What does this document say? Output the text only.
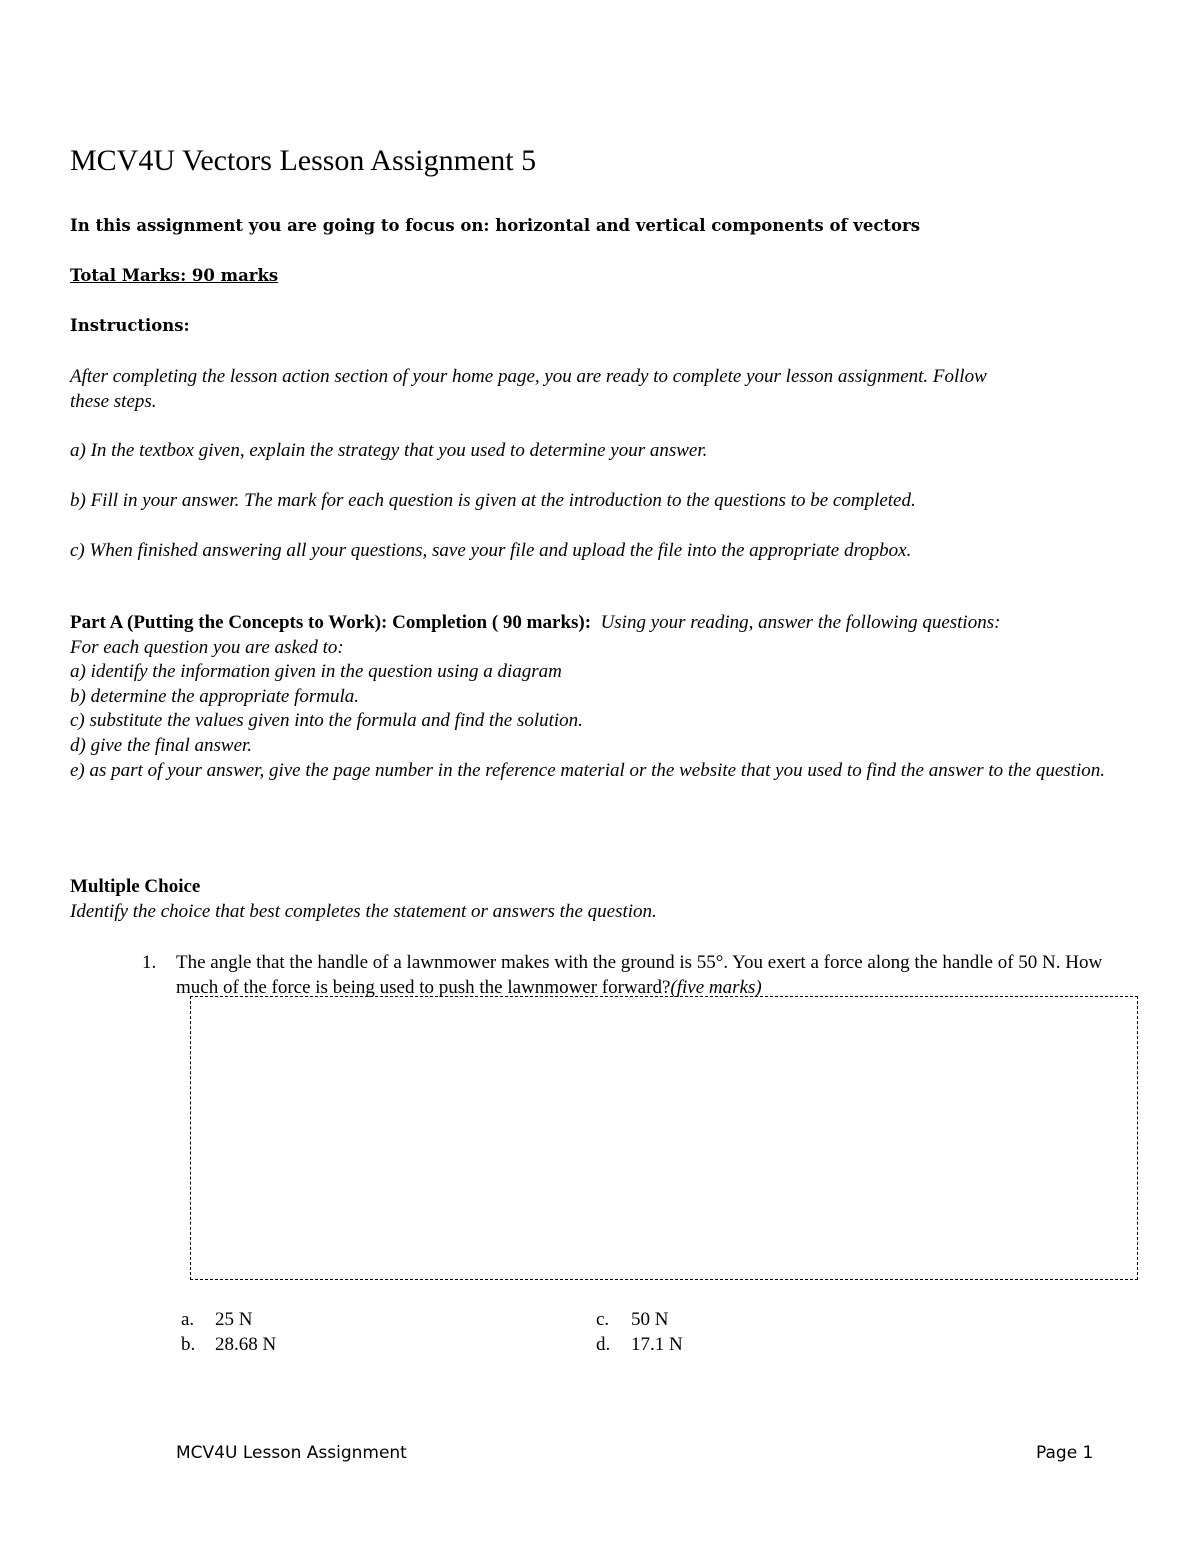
MCV4U Vectors Lesson Assignment 5
In this assignment you are going to focus on: horizontal and vertical components of vectors
Total Marks: 90 marks
Instructions:
After completing the lesson action section of your home page, you are ready to complete your lesson assignment. Follow
these steps.
a) In the textbox given, explain the strategy that you used to determine your answer.
b) Fill in your answer. The mark for each question is given at the introduction to the questions to be completed.
c) When finished answering all your questions, save your file and upload the file into the appropriate dropbox.
Part A (Putting the Concepts to Work): Completion ( 90 marks): Using your reading, answer the following questions:
For each question you are asked to:
a) identify the information given in the question using a diagram
b) determine the appropriate formula.
c) substitute the values given into the formula and find the solution.
d) give the final answer.
e) as part of your answer, give the page number in the reference material or the website that you used to find the answer to the question.
Multiple Choice
Identify the choice that best completes the statement or answers the question.
1. The angle that the handle of a lawnmower makes with the ground is 55°. You exert a force along the handle of 50 N. How much of the force is being used to push the lawnmower forward?(five marks)
a. 25 N
b. 28.68 N
c. 50 N
d. 17.1 N
MCV4U Lesson Assignment	Page 1
